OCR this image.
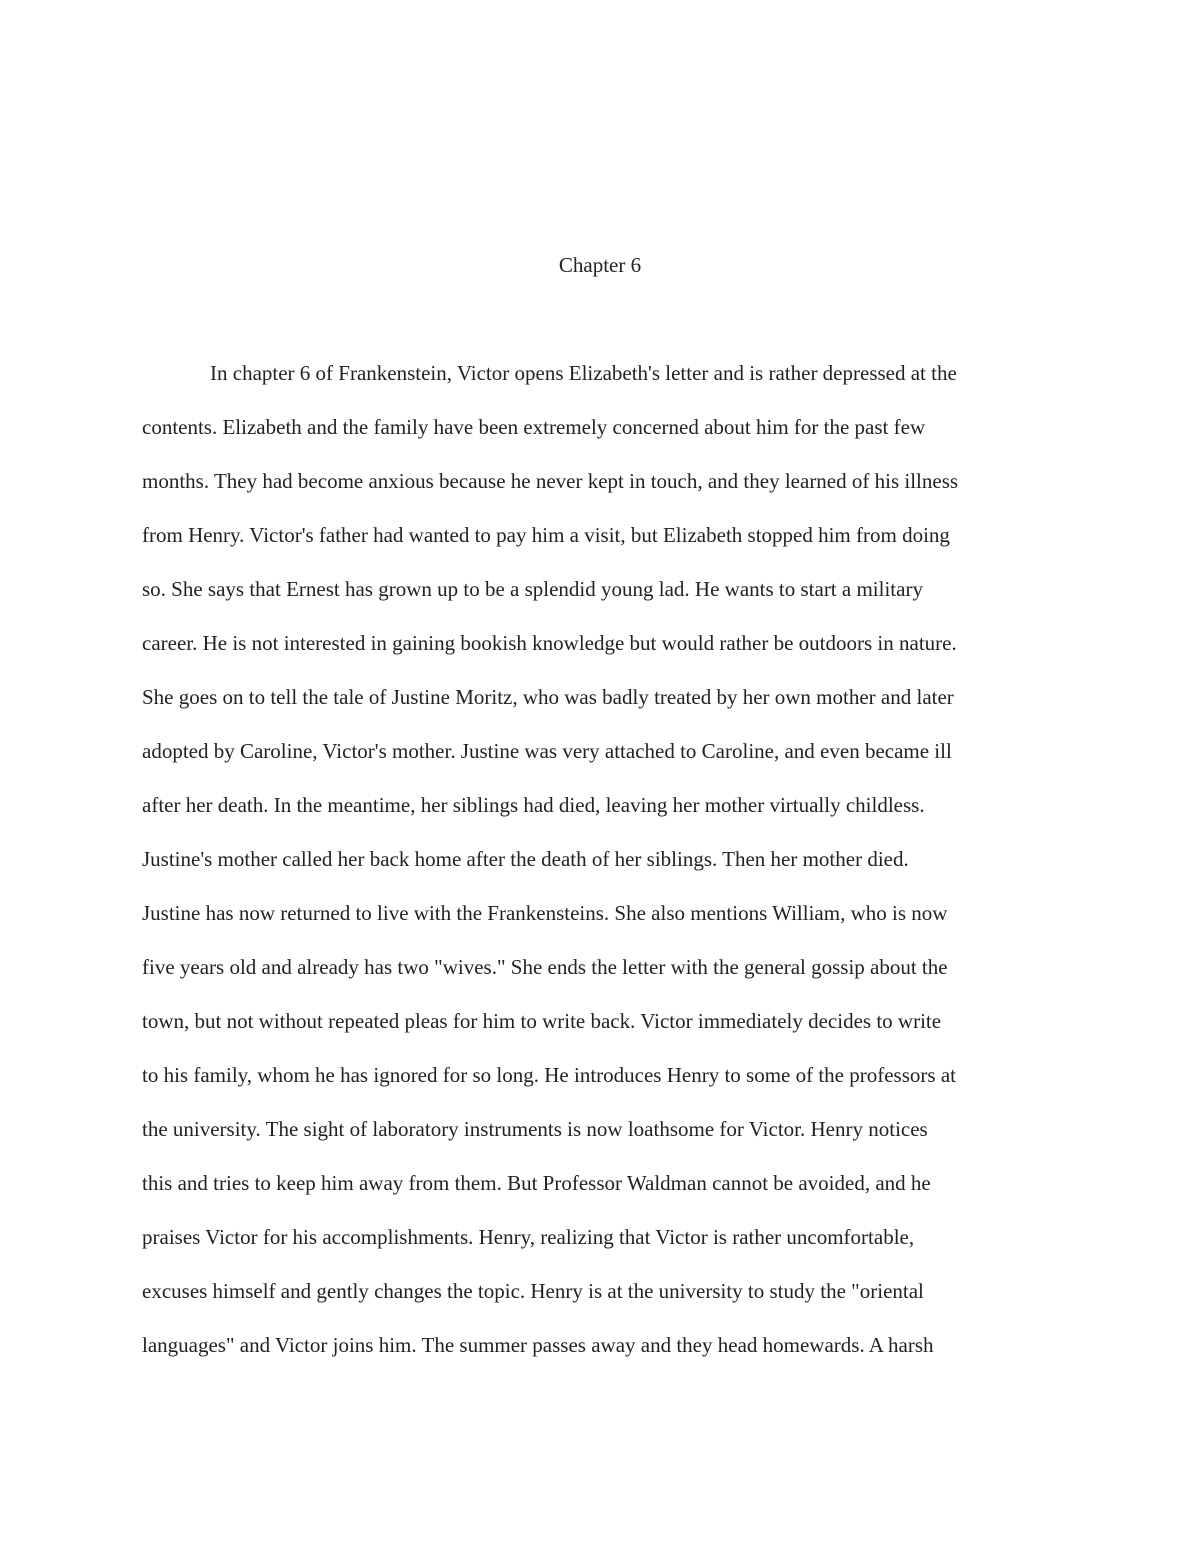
Chapter 6
In chapter 6 of Frankenstein, Victor opens Elizabeth's letter and is rather depressed at the
contents. Elizabeth and the family have been extremely concerned about him for the past few
months. They had become anxious because he never kept in touch, and they learned of his illness
from Henry. Victor's father had wanted to pay him a visit, but Elizabeth stopped him from doing
so. She says that Ernest has grown up to be a splendid young lad. He wants to start a military
career. He is not interested in gaining bookish knowledge but would rather be outdoors in nature.
She goes on to tell the tale of Justine Moritz, who was badly treated by her own mother and later
adopted by Caroline, Victor's mother. Justine was very attached to Caroline, and even became ill
after her death. In the meantime, her siblings had died, leaving her mother virtually childless.
Justine's mother called her back home after the death of her siblings. Then her mother died.
Justine has now returned to live with the Frankensteins. She also mentions William, who is now
five years old and already has two "wives." She ends the letter with the general gossip about the
town, but not without repeated pleas for him to write back. Victor immediately decides to write
to his family, whom he has ignored for so long. He introduces Henry to some of the professors at
the university. The sight of laboratory instruments is now loathsome for Victor. Henry notices
this and tries to keep him away from them. But Professor Waldman cannot be avoided, and he
praises Victor for his accomplishments. Henry, realizing that Victor is rather uncomfortable,
excuses himself and gently changes the topic. Henry is at the university to study the "oriental
languages" and Victor joins him. The summer passes away and they head homewards. A harsh
